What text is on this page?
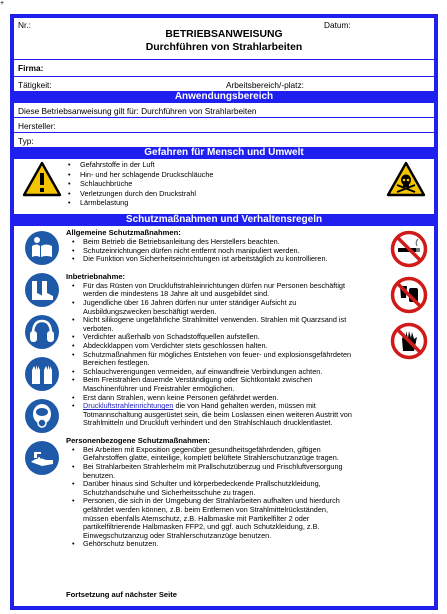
+
Nr.:	Datum:
BETRIEBSANWEISUNG
Durchführen von Strahlarbeiten
Firma:
Tätigkeit:	Arbeitsbereich/-platz:
Anwendungsbereich
Diese Betriebsanweisung gilt für: Durchführen von Strahlarbeiten
Hersteller:
Typ:
Gefahren für Mensch und Umwelt
• Gefahrstoffe in der Luft
• Hin- und her schlagende Druckschläuche
• Schlauchbrüche
• Verletzungen durch den Druckstrahl
• Lärmbelastung
Schutzmaßnahmen und Verhaltensregeln
Allgemeine Schutzmaßnahmen:
• Beim Betrieb die Betriebsanleitung des Herstellers beachten.
• Schutzeinrichtungen dürfen nicht entfernt noch manipuliert werden.
• Die Funktion von Sicherheitseinrichtungen ist arbeitstäglich zu kontrollieren.
Inbetriebnahme:
• Für das Rüsten von Druckluftstrahleinrichtungen dürfen nur Personen beschäftigt
werden die mindestens 18 Jahre alt und ausgebildet sind.
• Jugendliche über 16 Jahren dürfen nur unter ständiger Aufsicht zu
Ausbildungszwecken beschäftigt werden.
• Nicht silikogene ungefährliche Strahlmittel verwenden. Strahlen mit Quarzsand ist
verboten.
• Verdichter außerhalb von Schadstoffquellen aufstellen.
• Abdeckklappen vom Verdichter stets geschlossen halten.
• Schutzmaßnahmen für mögliches Entstehen von feuer- und explosionsgefährdeten
Bereichen festlegen.
• Schlauchverengungen vermeiden, auf einwandfreie Verbindungen achten.
• Beim Freistrahlen dauernde Verständigung oder Sichtkontakt zwischen
Maschinenführer und Freistrahler ermöglichen.
• Erst dann Strahlen, wenn keine Personen gefährdet werden.
• Druckluftstrahleinrichtungen die von Hand gehalten werden, müssen mit
Totmannschaltung ausgerüstet sein, die beim Loslassen einen weiteren Austritt von
Strahlmitteln und Druckluft verhindert und den Strahlschlauch drucklentlastet.
Personenbezogene Schutzmaßnahmen:
• Bei Arbeiten mit Exposition gegenüber gesundheitsgefährdenden, giftigen
Gefahrstoffen glatte, einteilige, komplett belüftete Strahlerschutzanzüge tragen.
• Bei Strahlarbeiten Strahlerhelm mit Prallschutzüberzug und Frischluftversorgung
benutzen.
• Darüber hinaus sind Schulter und körperbedeckende Prallschutzkleidung,
Schutzhandschuhe und Sicherheitsschuhe zu tragen.
• Personen, die sich in der Umgebung der Strahlarbeiten aufhalten und hierdurch
gefährdet werden können, z.B. beim Entfernen von Strahlmittelrückständen,
müssen ebenfalls Atemschutz, z.B. Halbmaske mit Partikelfilter 2 oder
partikelfiltrierende Halbmasken FFP2, und ggf. auch Schutzkleidung, z.B.
Einwegschutzanzug oder Strahlerschutzanzüge benutzen.
• Gehörschutz benutzen.
Fortsetzung auf nächster Seite
